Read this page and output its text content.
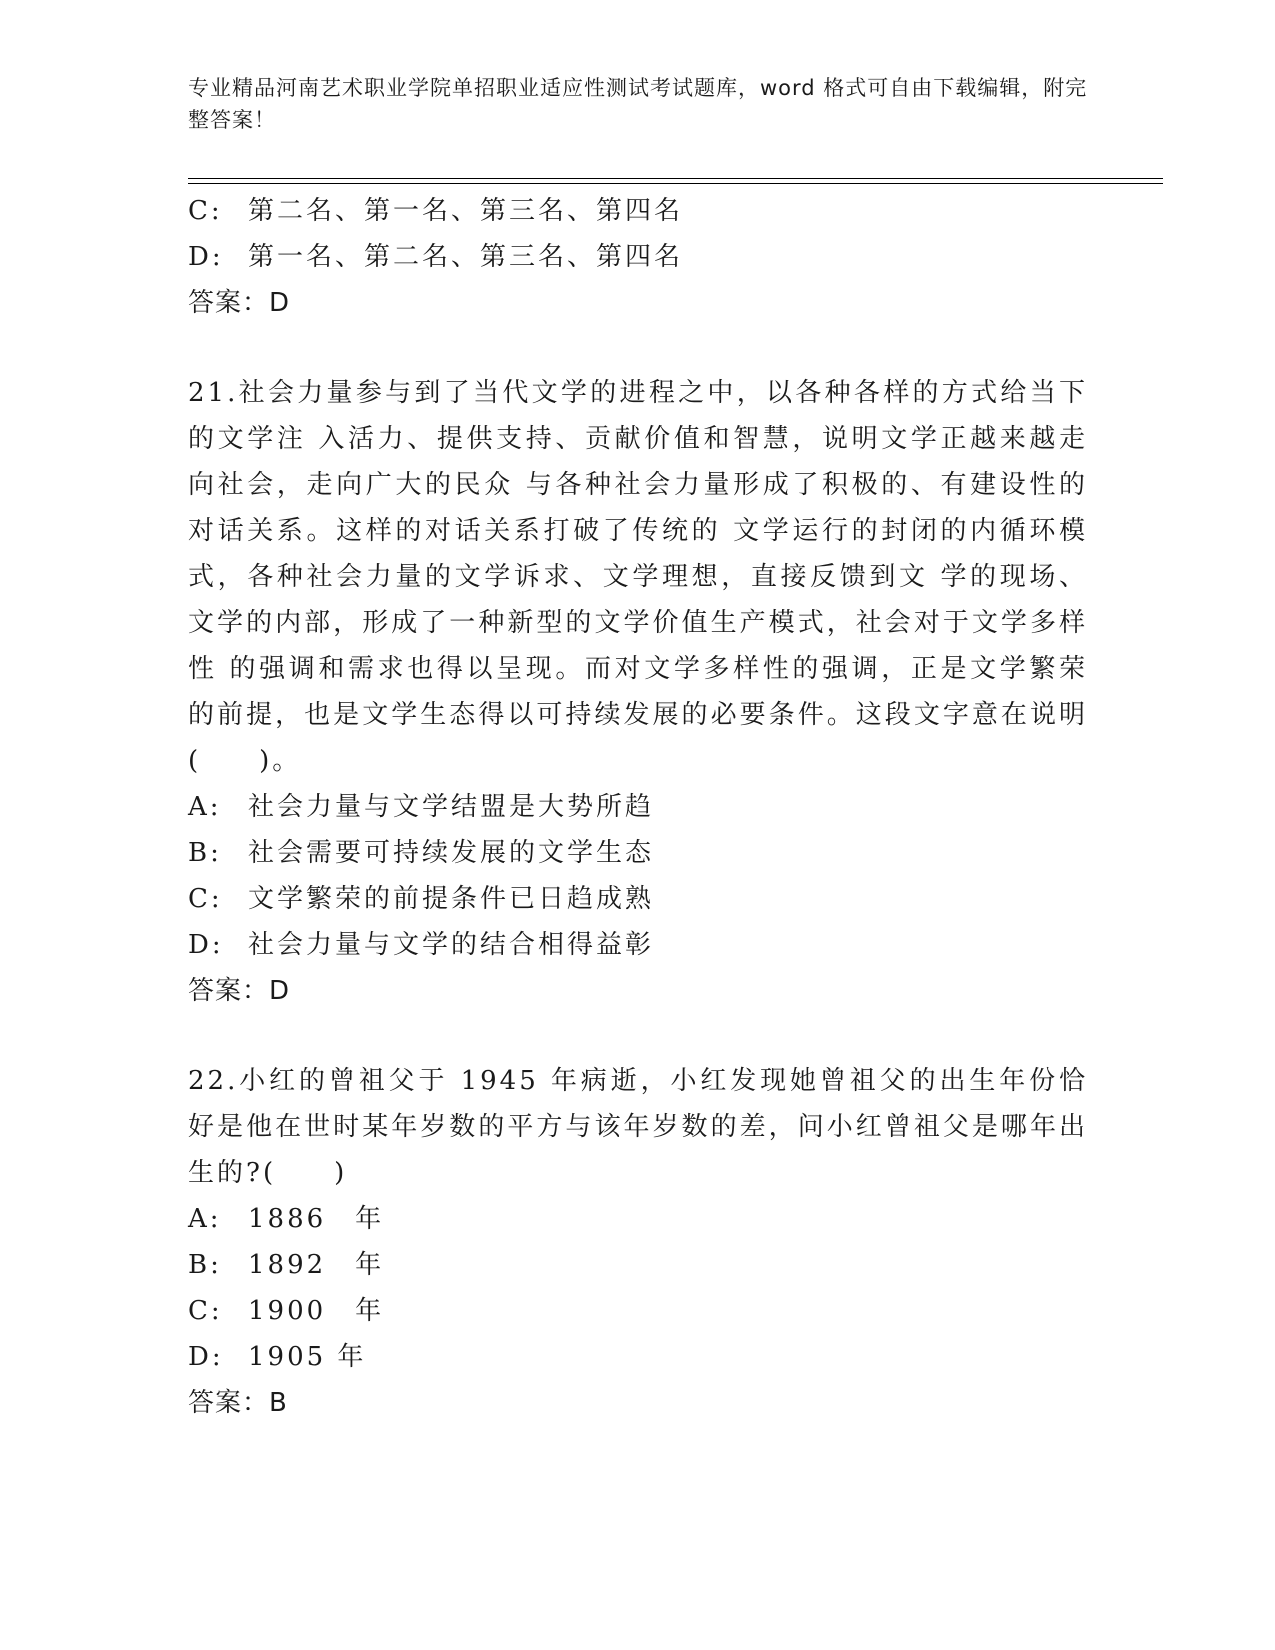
专业精品河南艺术职业学院单招职业适应性测试考试题库，word 格式可自由下载编辑，附完整答案！
C: 第二名、第一名、第三名、第四名
D: 第一名、第二名、第三名、第四名
答案：D
21.社会力量参与到了当代文学的进程之中，以各种各样的方式给当下的文学注 入活力、提供支持、贡献价值和智慧，说明文学正越来越走向社会，走向广大的民众 与各种社会力量形成了积极的、有建设性的对话关系。这样的对话关系打破了传统的 文学运行的封闭的内循环模式，各种社会力量的文学诉求、文学理想，直接反馈到文 学的现场、文学的内部，形成了一种新型的文学价值生产模式，社会对于文学多样性 的强调和需求也得以呈现。而对文学多样性的强调，正是文学繁荣的前提，也是文学生态得以可持续发展的必要条件。这段文字意在说明(　　)。
A: 社会力量与文学结盟是大势所趋
B: 社会需要可持续发展的文学生态
C: 文学繁荣的前提条件已日趋成熟
D: 社会力量与文学的结合相得益彰
答案：D
22.小红的曾祖父于 1945 年病逝，小红发现她曾祖父的出生年份恰好是他在世时某年岁数的平方与该年岁数的差，问小红曾祖父是哪年出生的?(　　)
A: 1886　年
B: 1892　年
C: 1900　年
D: 1905 年
答案：B
